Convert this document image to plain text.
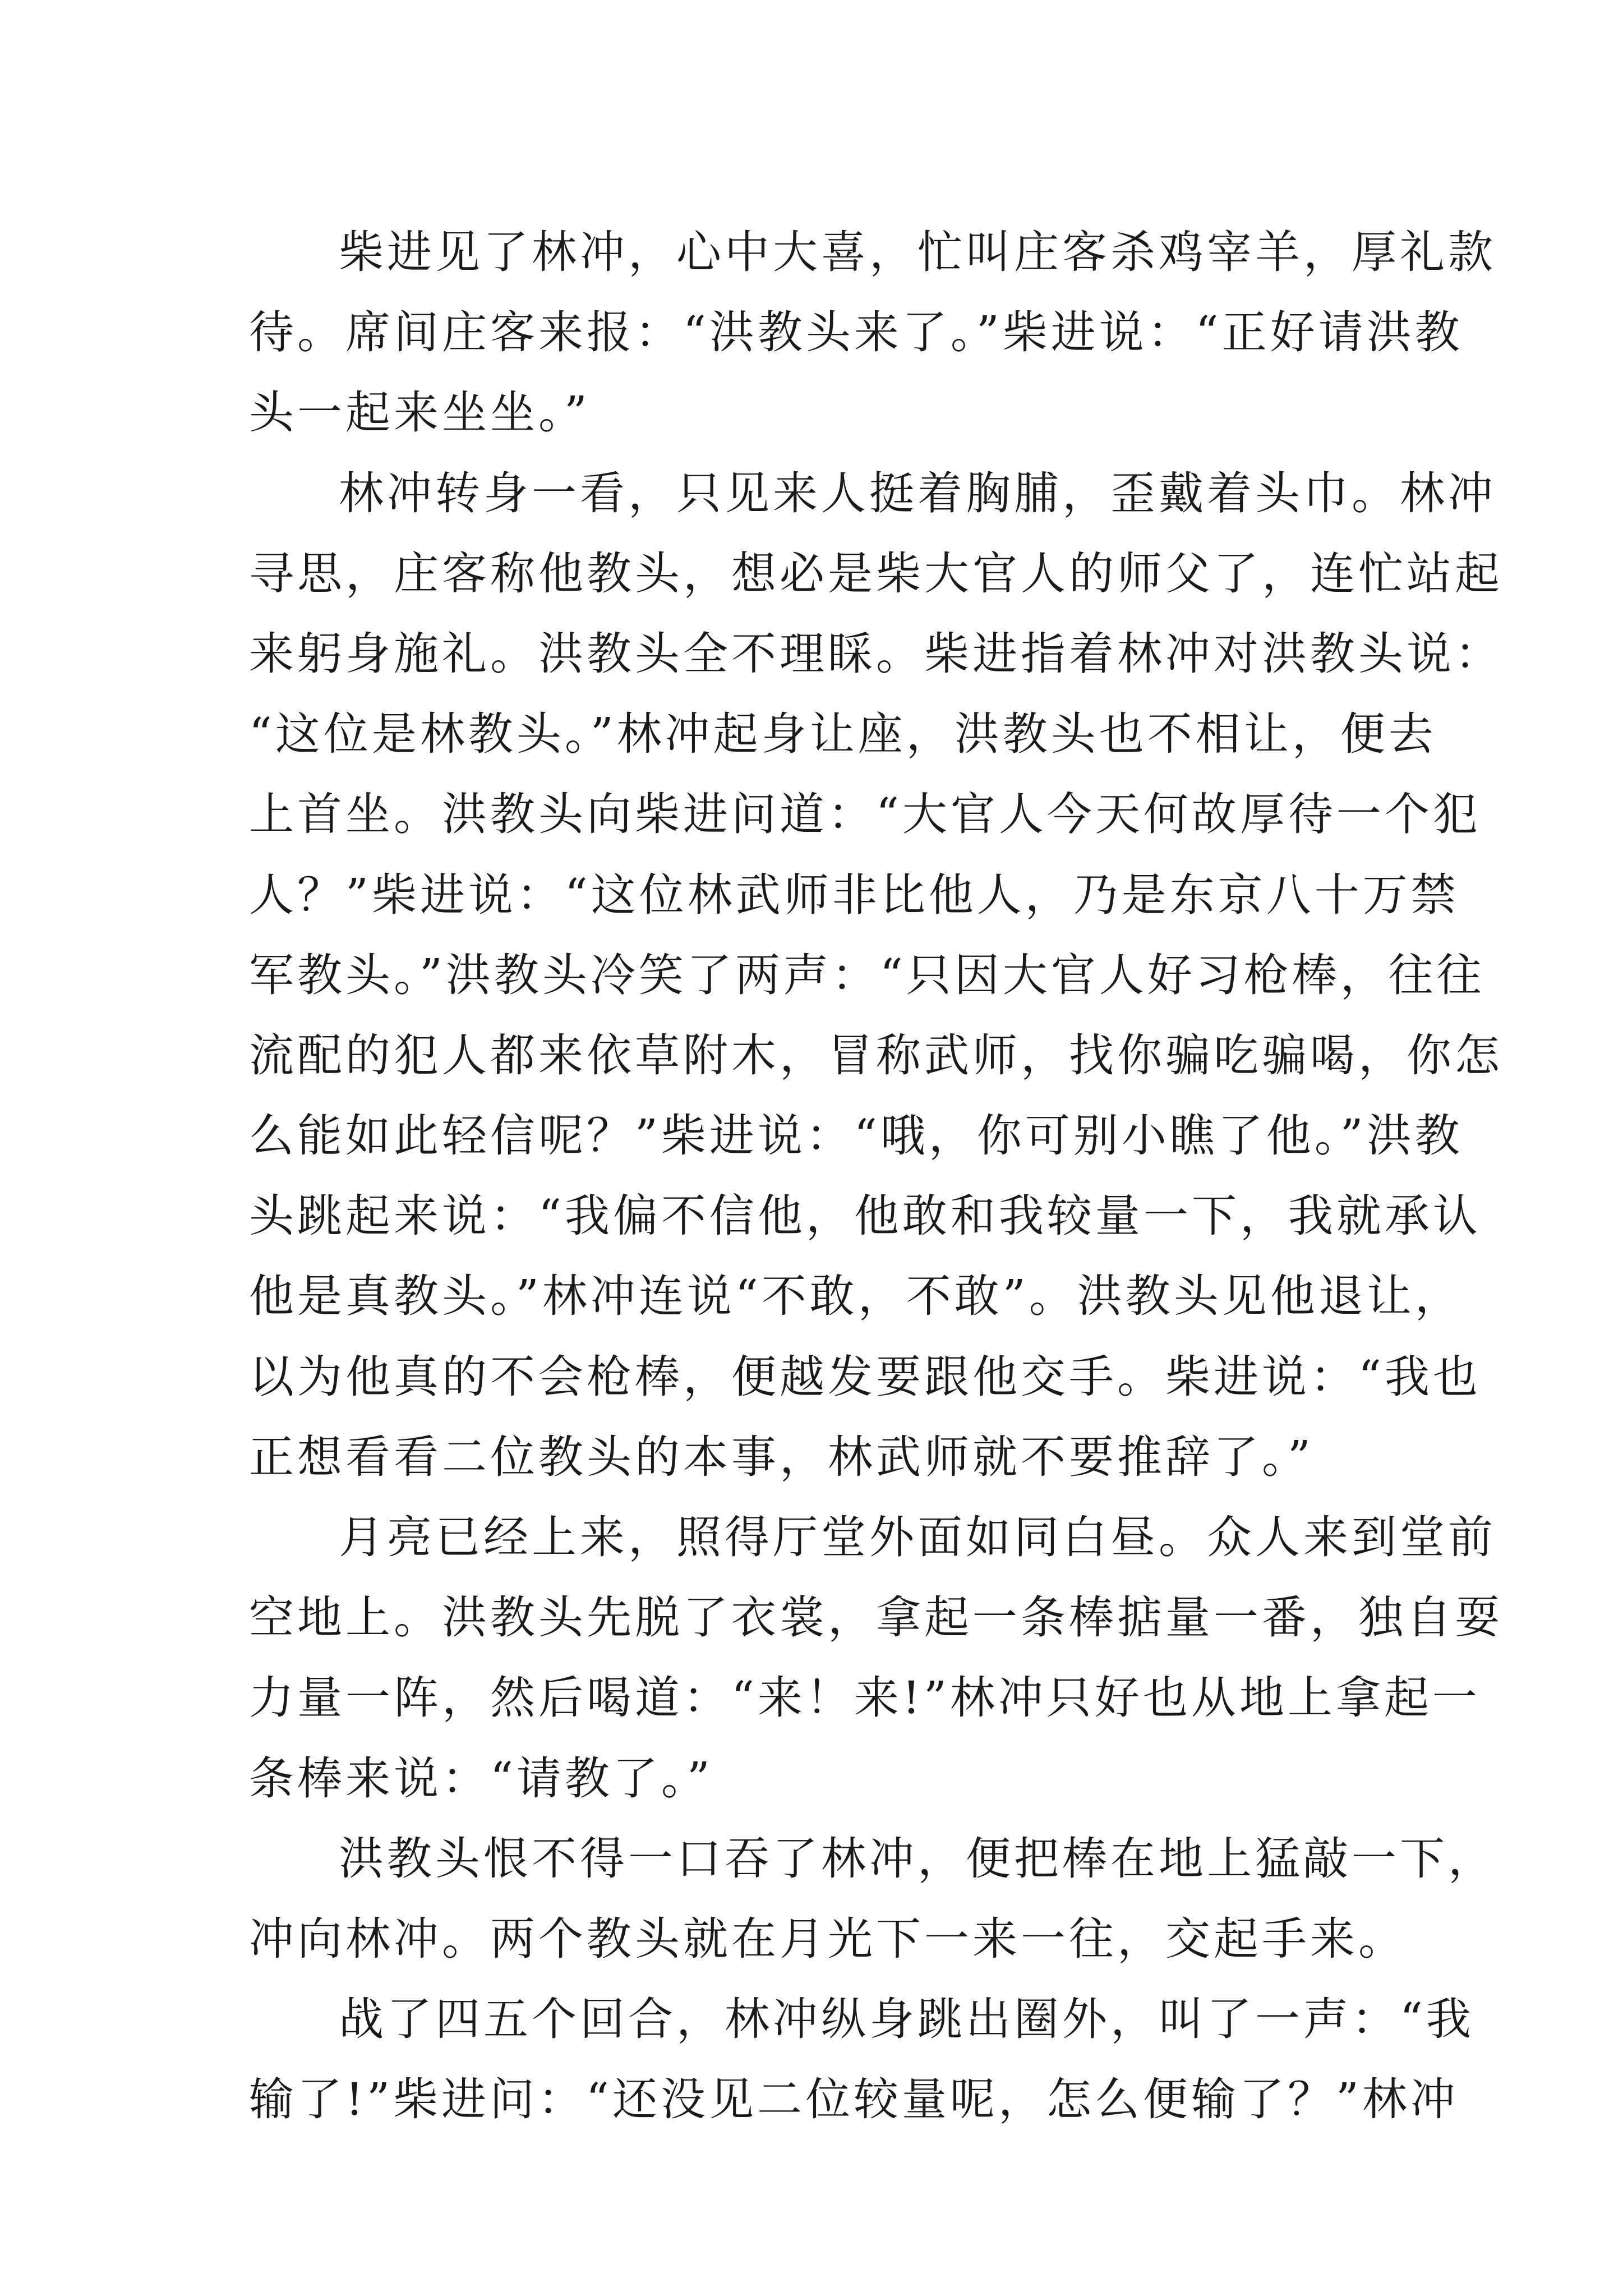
柴进见了林冲，心中大喜，忙叫庄客杀鸡宰羊，厚礼款
待。席间庄客来报：“洪教头来了。”柴进说：“正好请洪教
头一起来坐坐。”
林冲转身一看，只见来人挺着胸脯，歪戴着头巾。林冲
寻思，庄客称他教头，想必是柴大官人的师父了，连忙站起
来躬身施礼。洪教头全不理睬。柴进指着林冲对洪教头说：
“这位是林教头。”林冲起身让座，洪教头也不相让，便去
上首坐。洪教头向柴进问道：“大官人今天何故厚待一个犯
人？”柴进说：“这位林武师非比他人，乃是东京八十万禁
军教头。”洪教头冷笑了两声：“只因大官人好习枪棒，往往
流配的犯人都来依草附木，冒称武师，找你骗吃骗喝，你怎
么能如此轻信呢？”柴进说：“哦，你可别小瞧了他。”洪教
头跳起来说：“我偏不信他，他敢和我较量一下，我就承认
他是真教头。”林冲连说“不敢，不敢”。洪教头见他退让，
以为他真的不会枪棒，便越发要跟他交手。柴进说：“我也
正想看看二位教头的本事，林武师就不要推辞了。”
月亮已经上来，照得厅堂外面如同白昼。众人来到堂前
空地上。洪教头先脱了衣裳，拿起一条棒掂量一番，独自耍
力量一阵，然后喝道：“来！来!”林冲只好也从地上拿起一
条棒来说：“请教了。”
洪教头恨不得一口吞了林冲，便把棒在地上猛敲一下，
冲向林冲。两个教头就在月光下一来一往，交起手来。
战了四五个回合，林冲纵身跳出圈外，叫了一声：“我
输了!”柴进问：“还没见二位较量呢，怎么便输了？”林冲
